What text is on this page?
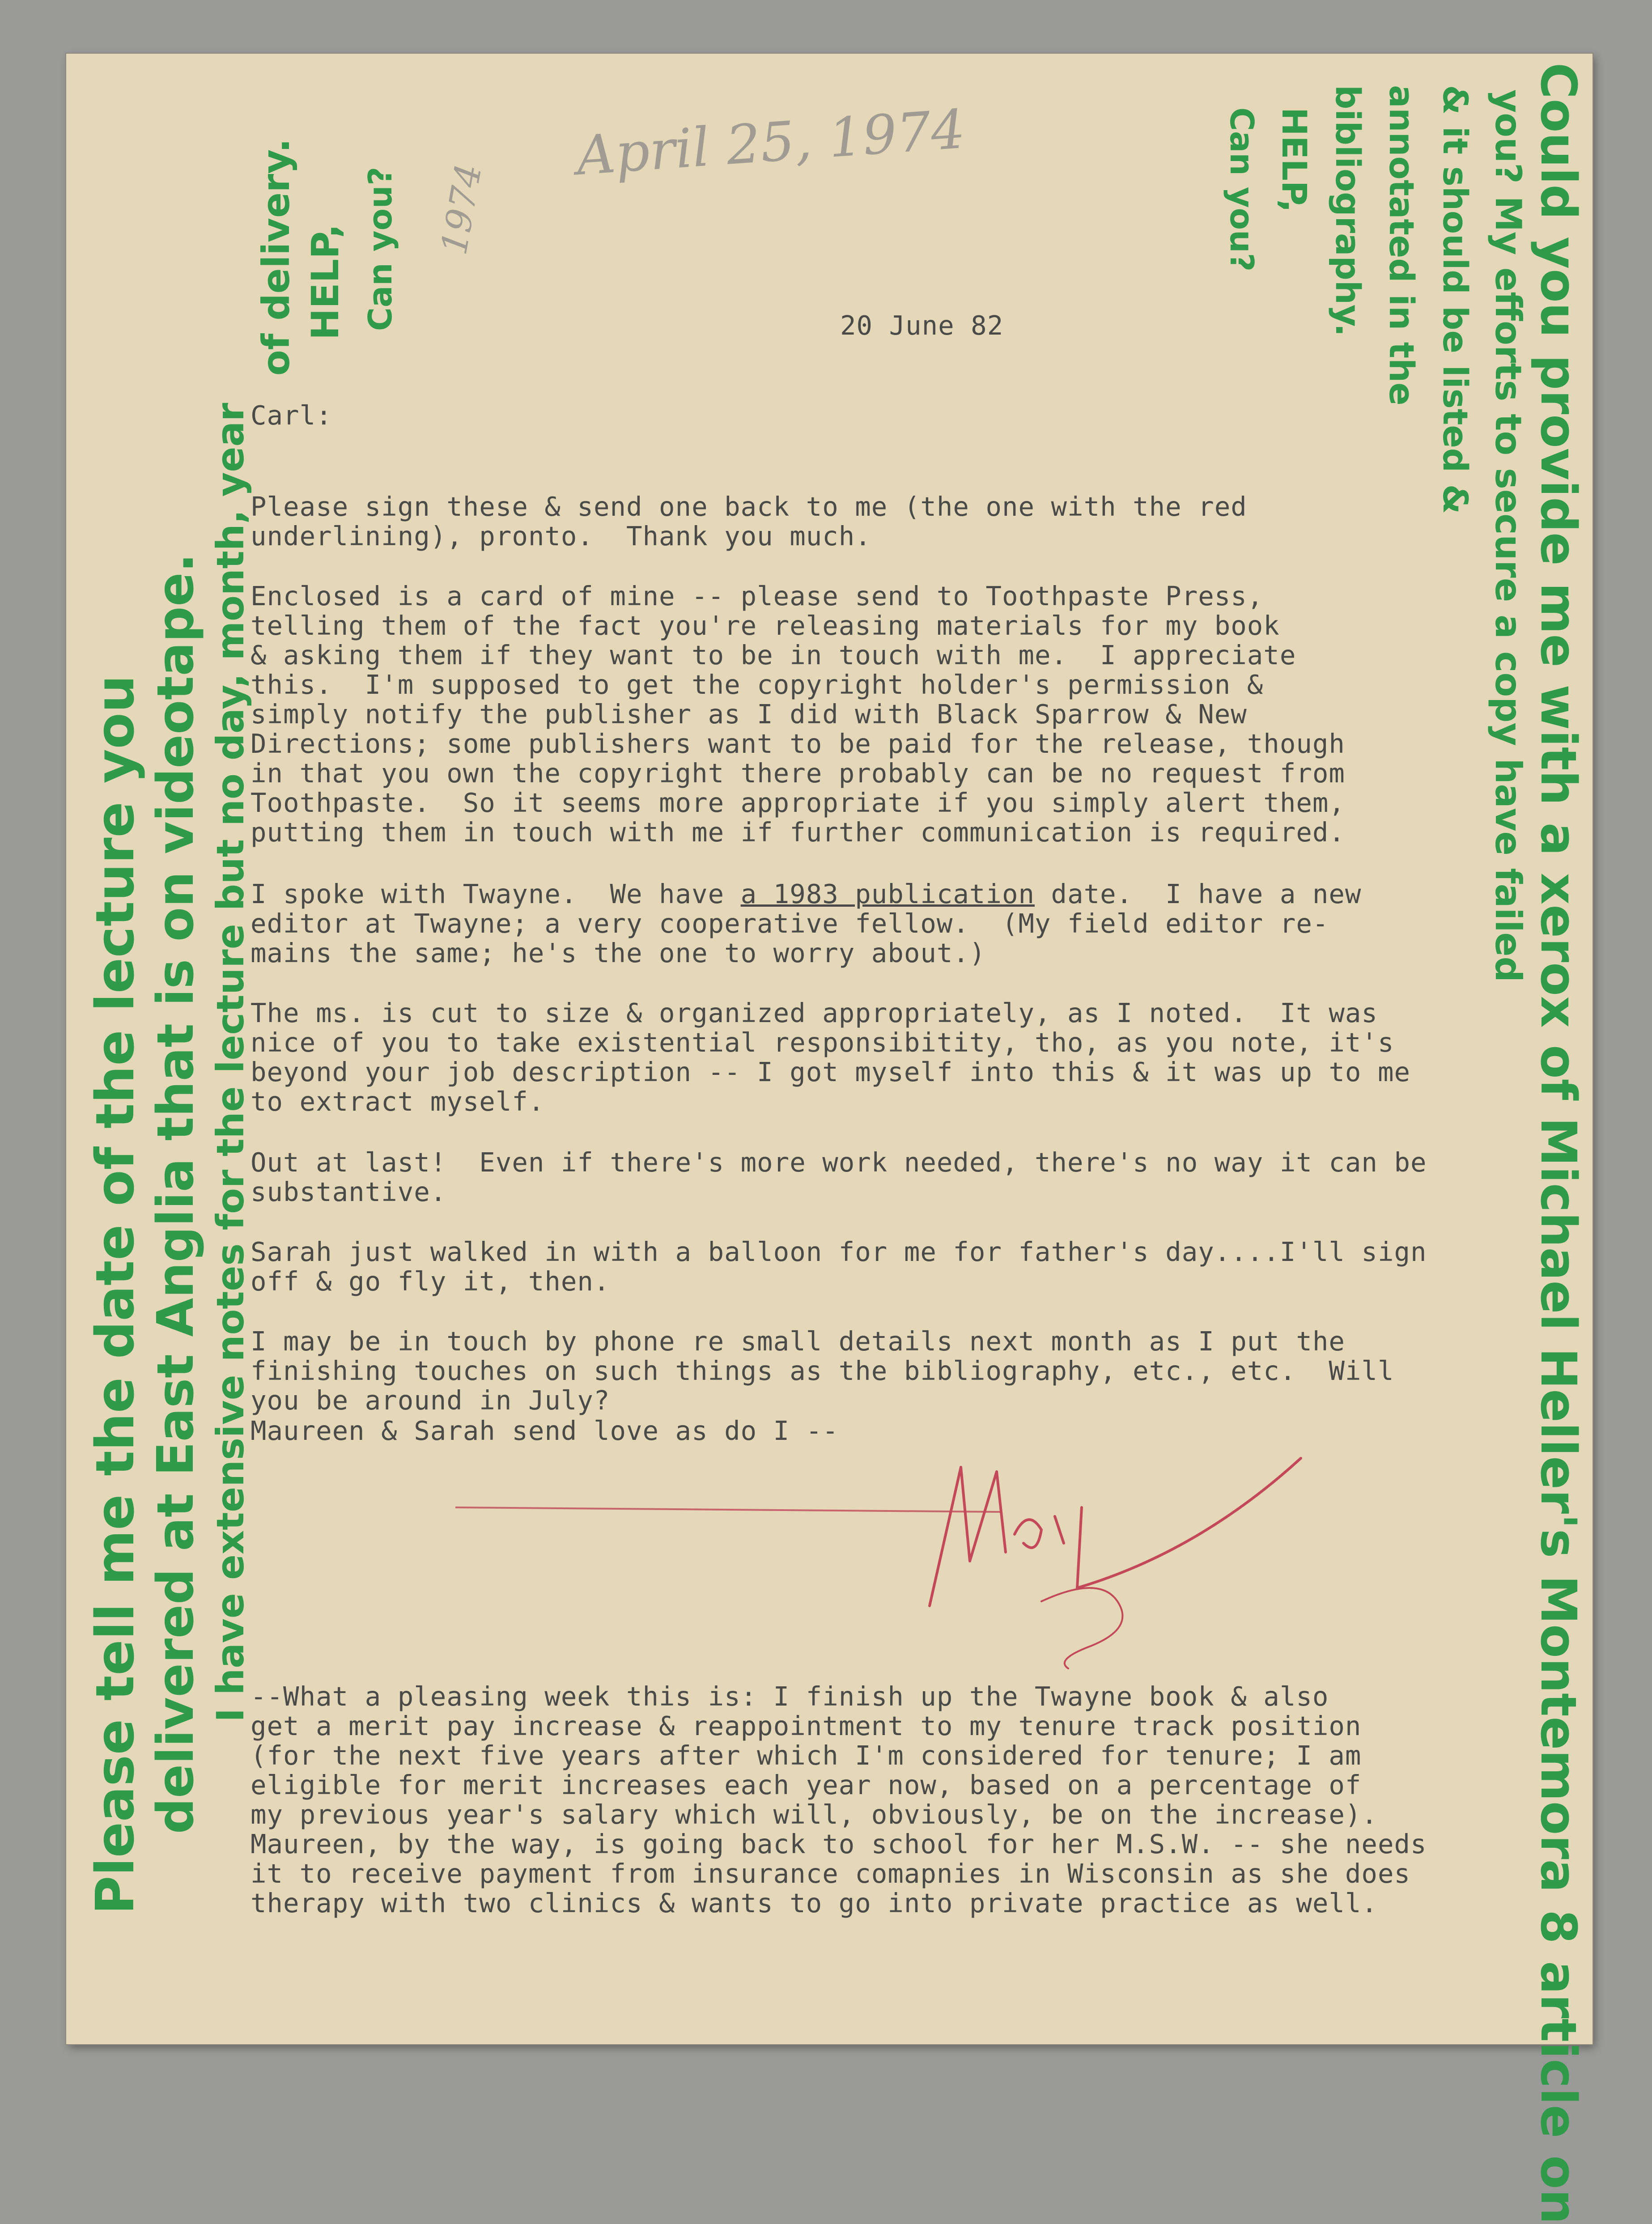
April 25, 1974
1974
20 June 82
Carl:
Please sign these & send one back to me (the one with the red
underlining), pronto.  Thank you much.
Enclosed is a card of mine -- please send to Toothpaste Press,
telling them of the fact you're releasing materials for my book
& asking them if they want to be in touch with me.  I appreciate
this.  I'm supposed to get the copyright holder's permission &
simply notify the publisher as I did with Black Sparrow & New
Directions; some publishers want to be paid for the release, though
in that you own the copyright there probably can be no request from
Toothpaste.  So it seems more appropriate if you simply alert them,
putting them in touch with me if further communication is required.
I spoke with Twayne.  We have a 1983 publication date.  I have a new
editor at Twayne; a very cooperative fellow.  (My field editor re-
mains the same; he's the one to worry about.)
The ms. is cut to size & organized appropriately, as I noted.  It was
nice of you to take existential responsibitity, tho, as you note, it's
beyond your job description -- I got myself into this & it was up to me
to extract myself.
Out at last!  Even if there's more work needed, there's no way it can be
substantive.
Sarah just walked in with a balloon for me for father's day....I'll sign
off & go fly it, then.
I may be in touch by phone re small details next month as I put the
finishing touches on such things as the bibliography, etc., etc.  Will
you be around in July?
Maureen & Sarah send love as do I --
Mart
--What a pleasing week this is: I finish up the Twayne book & also
get a merit pay increase & reappointment to my tenure track position
(for the next five years after which I'm considered for tenure; I am
eligible for merit increases each year now, based on a percentage of
my previous year's salary which will, obviously, be on the increase).
Maureen, by the way, is going back to school for her M.S.W. -- she needs
it to receive payment from insurance comapnies in Wisconsin as she does
therapy with two clinics & wants to go into private practice as well.
Please tell me the date of the lecture you delivered at East Anglia that is on videotape. I have extensive notes for the lecture but no day, month, year
of delivery. HELP, Can you?	Could you provide me with a xerox of Michael Heller's Montemora 8 article on
you? My efforts to secure a copy have failed
& it should be listed &
annotated in the
bibliography.
HELP,
Can you?
